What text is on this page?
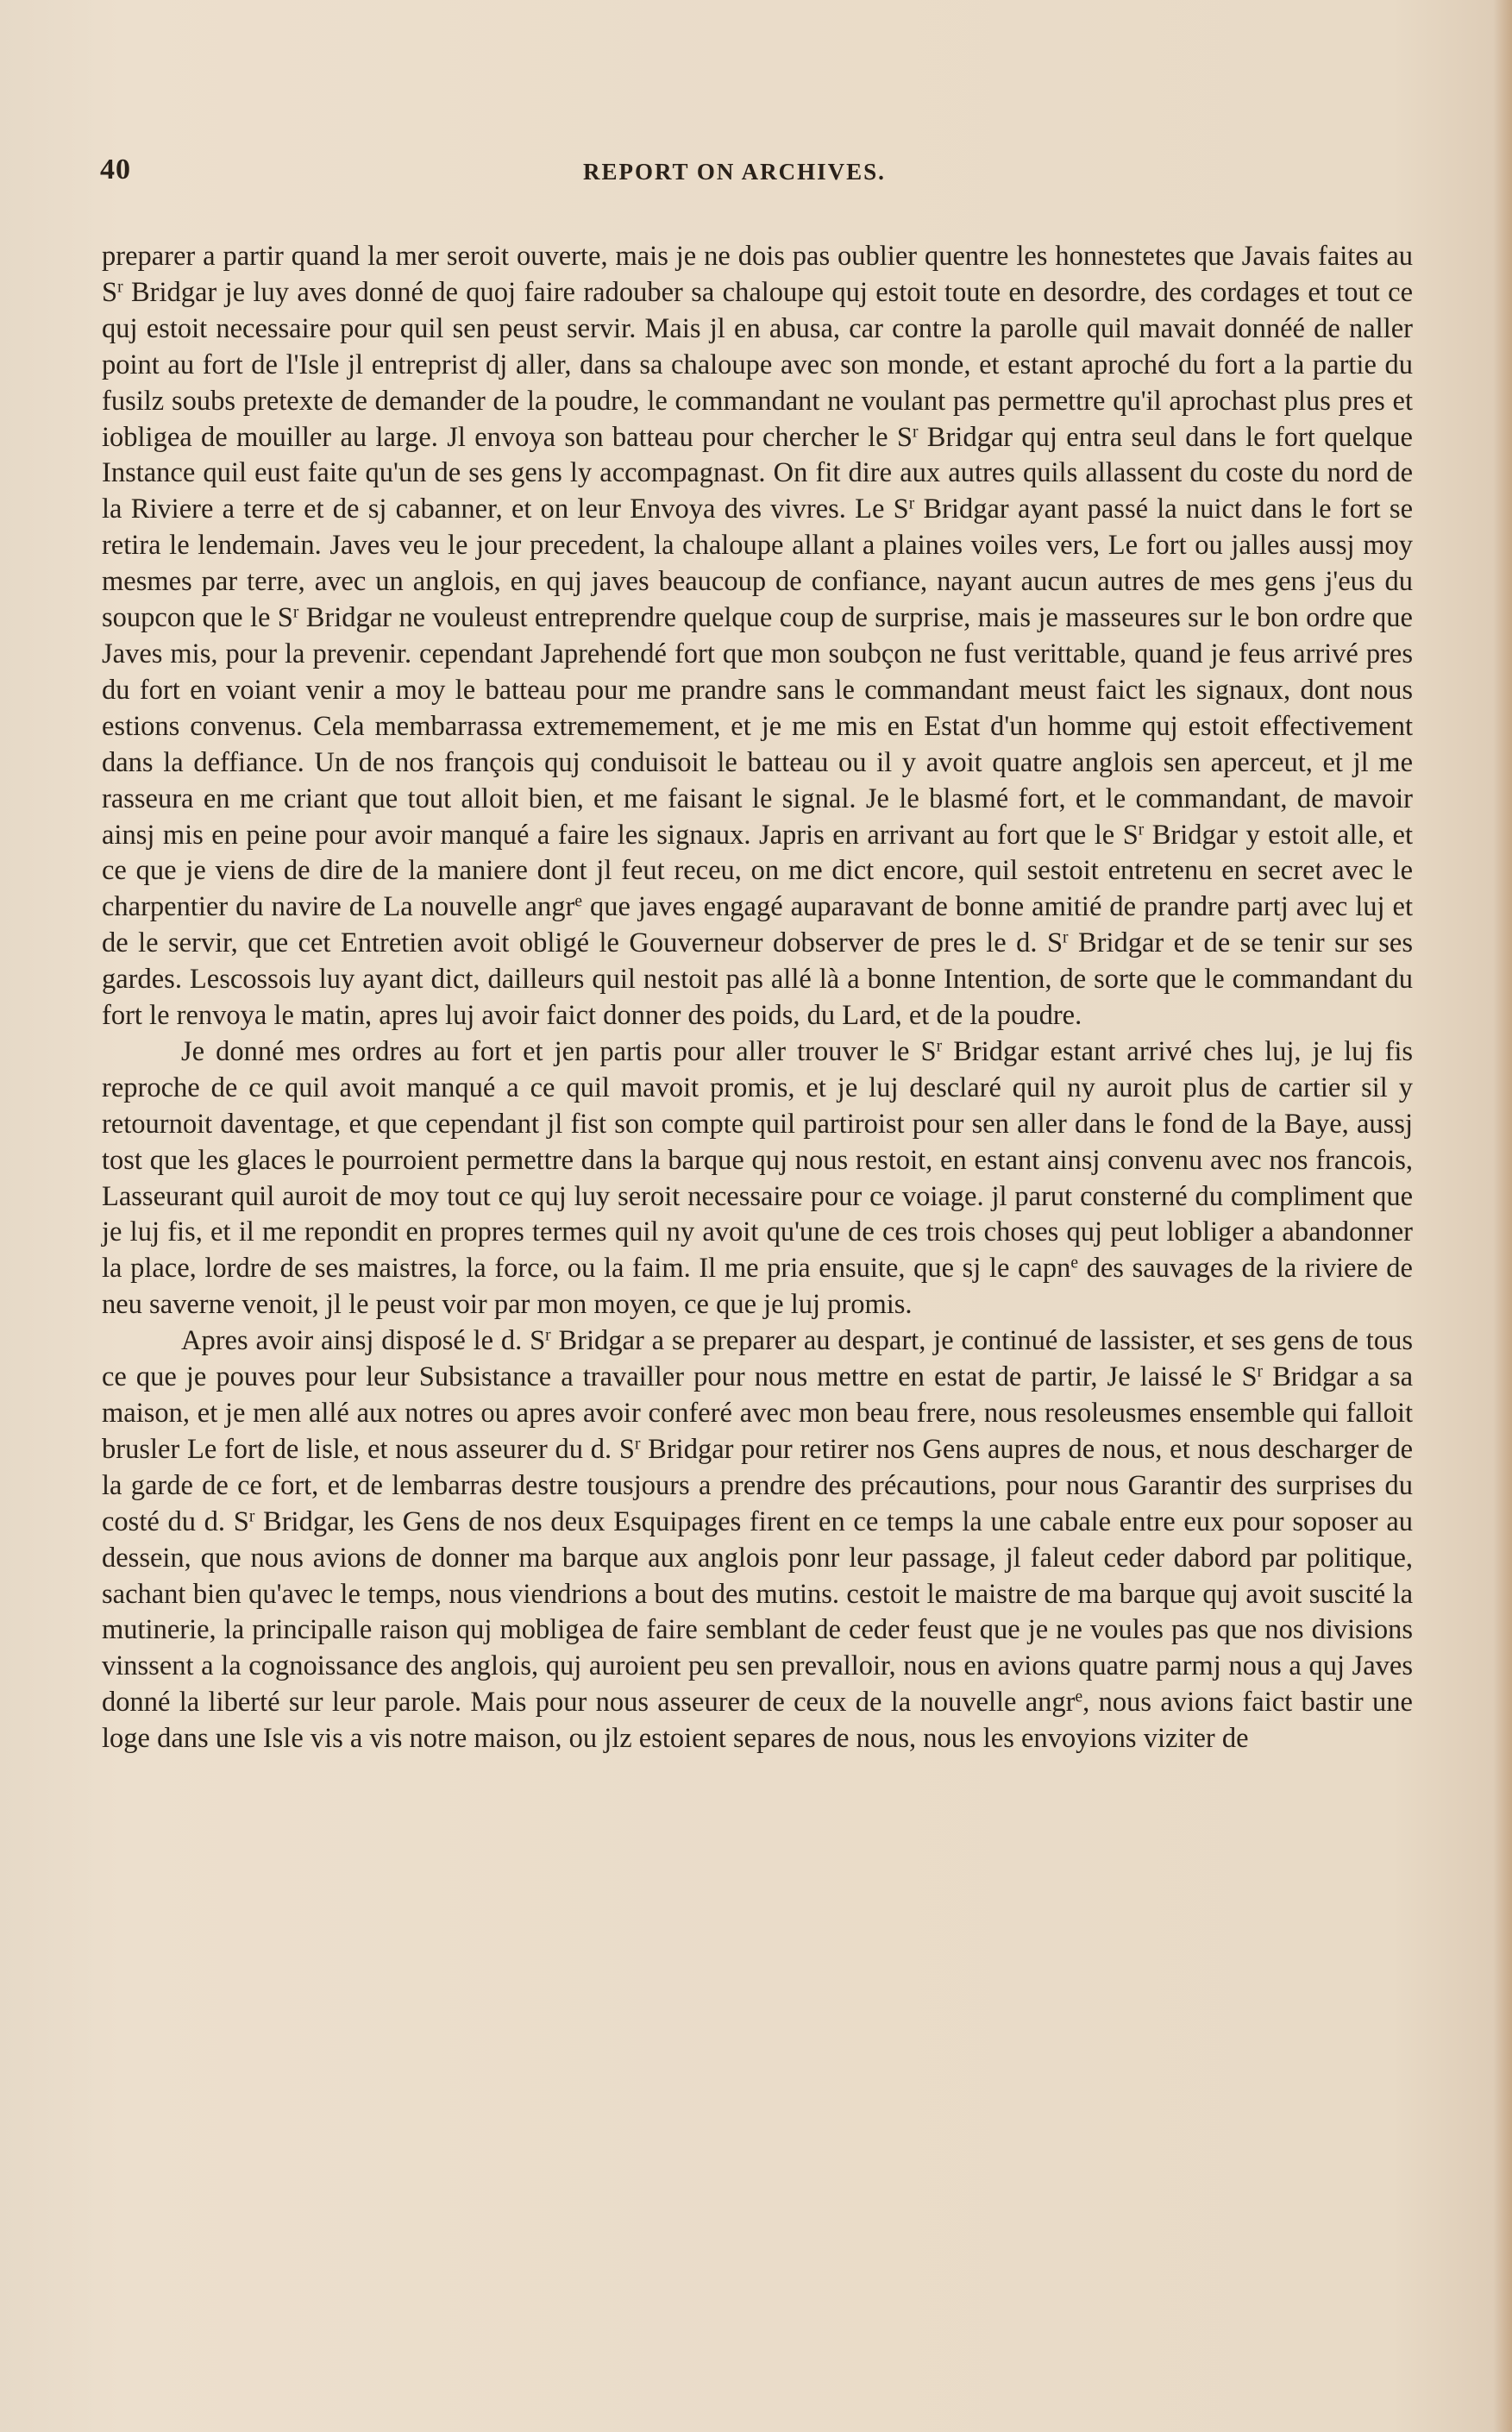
40	REPORT ON ARCHIVES.

preparer a partir quand la mer seroit ouverte, mais je ne dois pas oublier quentre les honnestetes que Javais faites au $S^r$ Bridgar je luy aves donné de quoj faire radouber sa chaloupe quj estoit toute en desordre, des cordages et tout ce quj estoit necessaire pour quil sen peust servir. Mais jl en abusa, car contre la parolle quil mavait donnéé de naller point au fort de l'Isle jl entreprist dj aller, dans sa chaloupe avec son monde, et estant aproché du fort a la partie du fusilz soubs pretexte de demander de la poudre, le commandant ne voulant pas permettre qu'il aprochast plus pres et iobligea de mouiller au large. Jl envoya son batteau pour chercher le $S^r$ Bridgar quj entra seul dans le fort quelque Instance quil eust faite qu'un de ses gens ly accompagnast. On fit dire aux autres quils allassent du coste du nord de la Riviere a terre et de sj cabanner, et on leur Envoya des vivres. Le $S^r$ Bridgar ayant passé la nuict dans le fort se retira le lendemain. Javes veu le jour precedent, la chaloupe allant a plaines voiles vers, Le fort ou jalles aussj moy mesmes par terre, avec un anglois, en quj javes beaucoup de confiance, nayant aucun autres de mes gens j'eus du soupcon que le $S^r$ Bridgar ne vouleust entreprendre quelque coup de surprise, mais je masseures sur le bon ordre que Javes mis, pour la prevenir. cependant Japrehendé fort que mon soubçon ne fust verittable, quand je feus arrivé pres du fort en voiant venir a moy le batteau pour me prandre sans le commandant meust faict les signaux, dont nous estions convenus. Cela membarrassa extrememement, et je me mis en Estat d'un homme quj estoit effectivement dans la deffiance. Un de nos françois quj conduisoit le batteau ou il y avoit quatre anglois sen aperceut, et jl me rasseura en me criant que tout alloit bien, et me faisant le signal. Je le blasmé fort, et le commandant, de mavoir ainsj mis en peine pour avoir manqué a faire les signaux. Japris en arrivant au fort que le $S^r$ Bridgar y estoit alle, et ce que je viens de dire de la maniere dont jl feut receu, on me dict encore, quil sestoit entretenu en secret avec le charpentier du navire de La nouvelle angr$^e$ que javes engagé auparavant de bonne amitié de prandre partj avec luj et de le servir, que cet Entretien avoit obligé le Gouverneur dobserver de pres le d. $S^r$ Bridgar et de se tenir sur ses gardes. Lescossois luy ayant dict, dailleurs quil nestoit pas allé là a bonne Intention, de sorte que le commandant du fort le renvoya le matin, apres luj avoir faict donner des poids, du Lard, et de la poudre.

Je donné mes ordres au fort et jen partis pour aller trouver le $S^r$ Bridgar estant arrivé ches luj, je luj fis reproche de ce quil avoit manqué a ce quil mavoit promis, et je luj desclaré quil ny auroit plus de cartier sil y retournoit daventage, et que cependant jl fist son compte quil partiroist pour sen aller dans le fond de la Baye, aussj tost que les glaces le pourroient permettre dans la barque quj nous restoit, en estant ainsj convenu avec nos francois, Lasseurant quil auroit de moy tout ce quj luy seroit necessaire pour ce voiage. jl parut consterné du compliment que je luj fis, et il me repondit en propres termes quil ny avoit qu'une de ces trois choses quj peut lobliger a abandonner la place, lordre de ses maistres, la force, ou la faim. Il me pria ensuite, que sj le capn$^e$ des sauvages de la riviere de neu saverne venoit, jl le peust voir par mon moyen, ce que je luj promis.

Apres avoir ainsj disposé le d. $S^r$ Bridgar a se preparer au despart, je continué de lassister, et ses gens de tous ce que je pouves pour leur Subsistance a travailler pour nous mettre en estat de partir, Je laissé le $S^r$ Bridgar a sa maison, et je men allé aux notres ou apres avoir conferé avec mon beau frere, nous resoleusmes ensemble qui falloit brusler Le fort de lisle, et nous asseurer du d. $S^r$ Bridgar pour retirer nos Gens aupres de nous, et nous descharger de la garde de ce fort, et de lembarras destre tousjours a prendre des précautions, pour nous Garantir des surprises du costé du d. $S^r$ Bridgar, les Gens de nos deux Esquipages firent en ce temps la une cabale entre eux pour soposer au dessein, que nous avions de donner ma barque aux anglois ponr leur passage, jl faleut ceder dabord par politique, sachant bien qu'avec le temps, nous viendrions a bout des mutins. cestoit le maistre de ma barque quj avoit suscité la mutinerie, la principalle raison quj mobligea de faire semblant de ceder feust que je ne voules pas que nos divisions vinssent a la cognoissance des anglois, quj auroient peu sen prevalloir, nous en avions quatre parmj nous a quj Javes donné la liberté sur leur parole. Mais pour nous asseurer de ceux de la nouvelle angr$^e$, nous avions faict bastir une loge dans une Isle vis a vis notre maison, ou jlz estoient separes de nous, nous les envoyions viziter de
